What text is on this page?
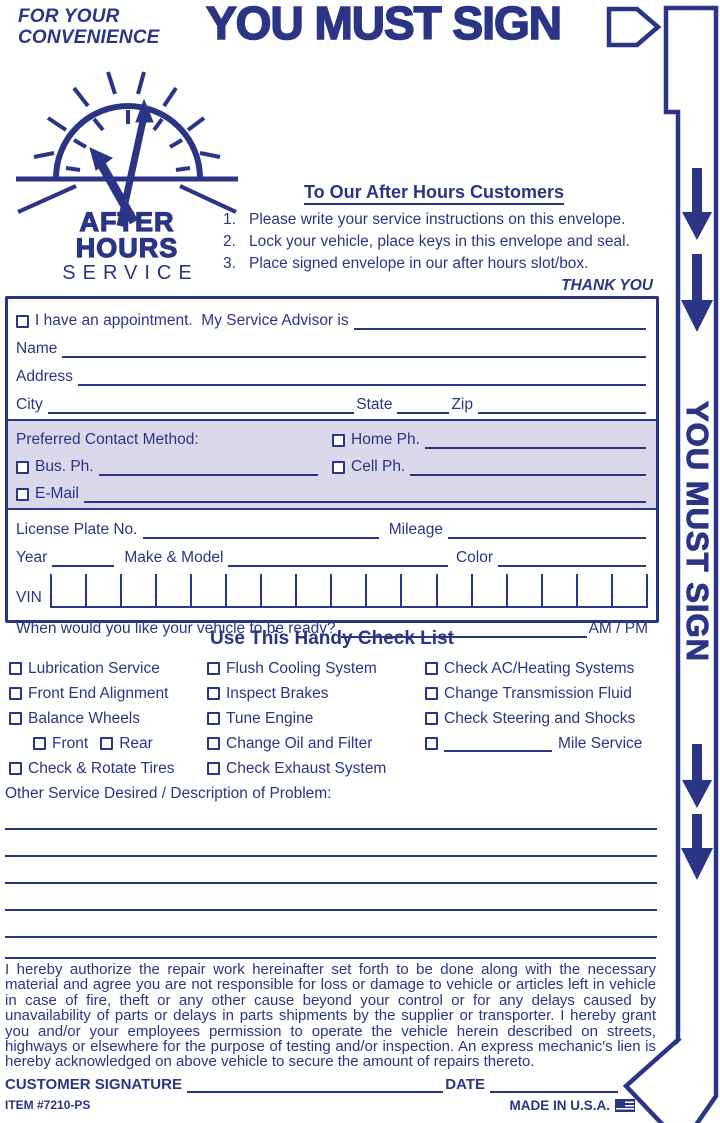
FOR YOUR
CONVENIENCE YOU MUST SIGN
AFTER
HOURS
SERVICE
To Our After Hours Customers
1. Please write your service instructions on this envelope.
2. Lock your vehicle, place keys in this envelope and seal.
3. Place signed envelope in our after hours slot/box.
THANK YOU
I have an appointment.  My Service Advisor is
Name
Address
City	State	Zip
Preferred Contact Method:	Home Ph.
Bus. Ph.	Cell Ph.
E-Mail
License Plate No.	Mileage
Year	Make & Model	Color
VIN
When would you like your vehicle to be ready?	AM / PM
Use This Handy Check List
Lubrication Service	Flush Cooling System	Check AC/Heating Systems
Front End Alignment	Inspect Brakes	Change Transmission Fluid
Balance Wheels	Tune Engine	Check Steering and Shocks
Front Rear	Change Oil and Filter	Mile Service
Check & Rotate Tires	Check Exhaust System
Other Service Desired / Description of Problem:
I hereby authorize the repair work hereinafter set forth to be done along with the necessary material and agree you are not responsible for loss or damage to vehicle or articles left in vehicle in case of fire, theft or any other cause beyond your control or for any delays caused by unavailability of parts or delays in parts shipments by the supplier or transporter. I hereby grant you and/or your employees permission to operate the vehicle herein described on streets, highways or elsewhere for the purpose of testing and/or inspection. An express mechanic's lien is hereby acknowledged on above vehicle to secure the amount of repairs thereto.
CUSTOMER SIGNATURE	DATE
ITEM #7210-PS	MADE IN U.S.A.
YOU MUST SIGN
